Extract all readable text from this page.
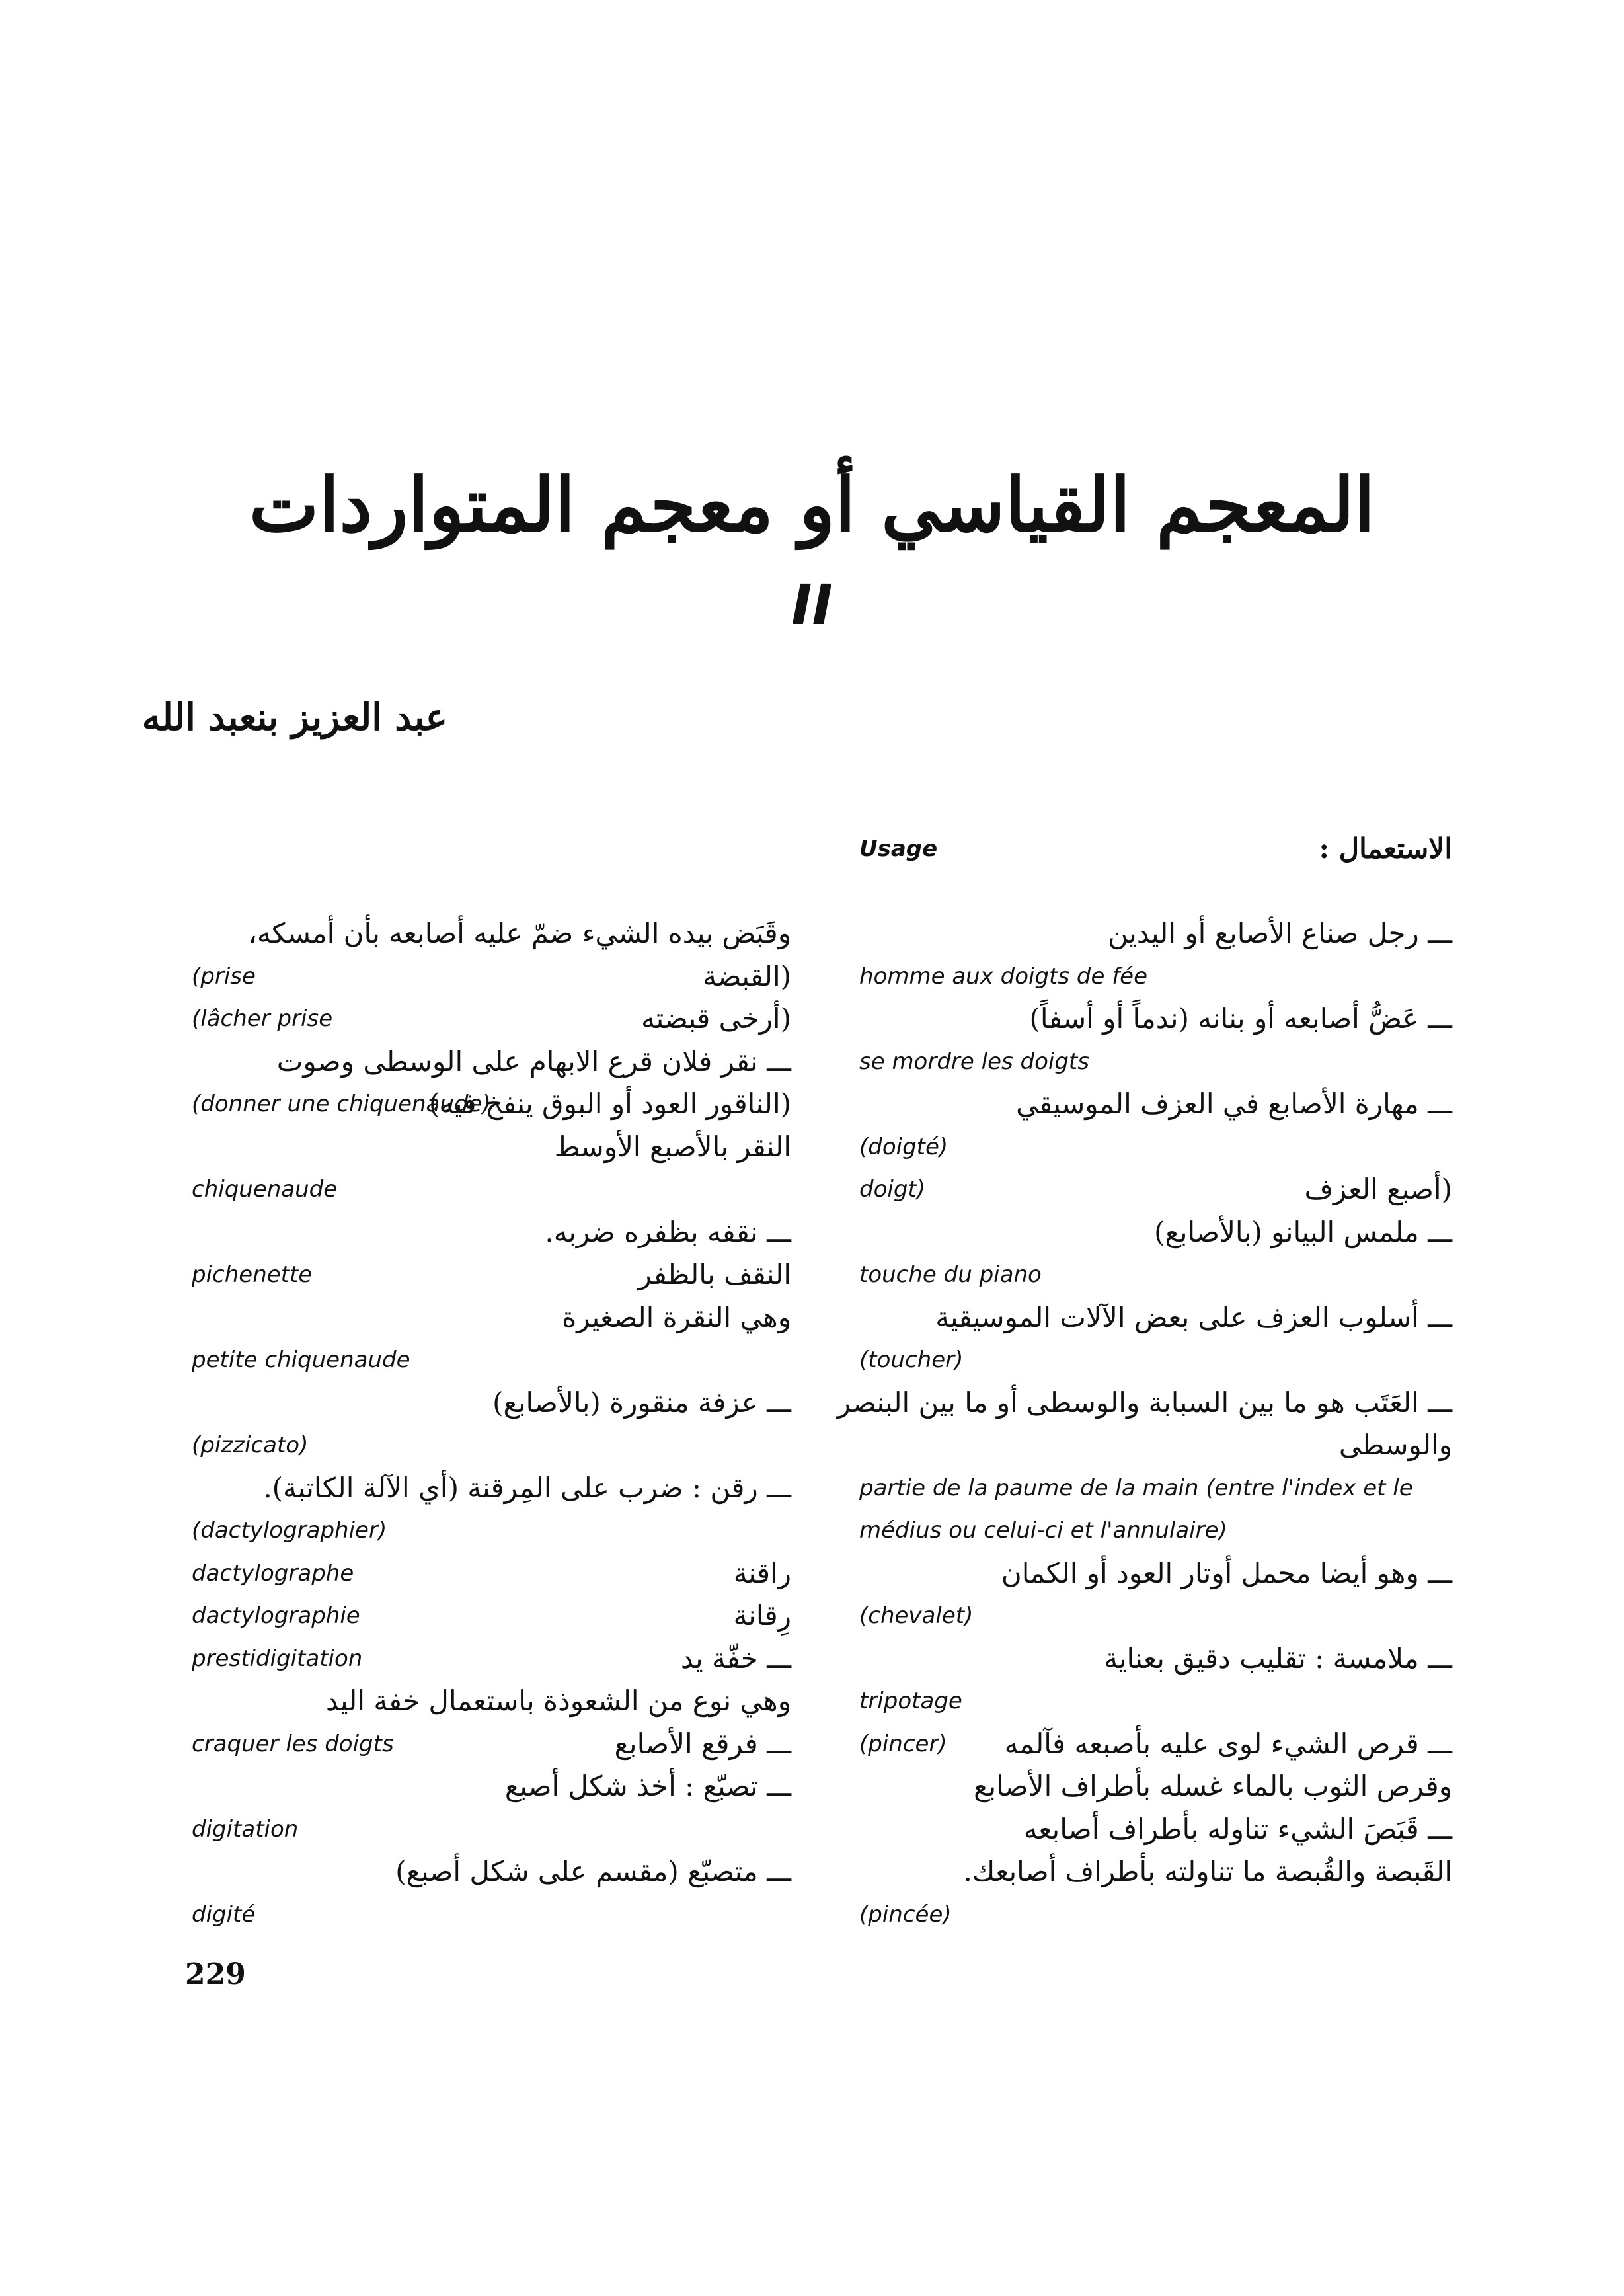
المعجم القياسي أو معجم المتواردات
II
عبد العزيز بنعبد الله
الاستعمال :
Usage
ـــ رجل صناع الأصابع أو اليدين
homme aux doigts de fée
ـــ عَضُّ أصابعه أو بنانه (ندماً أو أسفاً)
se mordre les doigts
ـــ مهارة الأصابع في العزف الموسيقي
(doigté)
(أصبع العزف
doigt)
ـــ ملمس البيانو (بالأصابع)
touche du piano
ـــ أسلوب العزف على بعض الآلات الموسيقية
(toucher)
ـــ العَتَب هو ما بين السبابة والوسطى أو ما بين البنصر
والوسطى
partie de la paume de la main (entre l'index et le
médius ou celui-ci et l'annulaire)
ـــ وهو أيضا محمل أوتار العود أو الكمان
(chevalet)
ـــ ملامسة : تقليب دقيق بعناية
tripotage
ـــ قرص الشيء لوى عليه بأصبعه فآلمه
(pincer)
وقرص الثوب بالماء غسله بأطراف الأصابع
ـــ قَبَصَ الشيء تناوله بأطراف أصابعه
القَبصة والقُبصة ما تناولته بأطراف أصابعك.
(pincée)
وقَبَض بيده الشيء ضمّ عليه أصابعه بأن أمسكه،
(القبضة
(prise
(أرخى قبضته
(lâcher prise
ـــ نقر فلان قرع الابهام على الوسطى وصوت
(الناقور العود أو البوق ينفخ فيه)
(donner une chiquenaude)
النقر بالأصبع الأوسط
chiquenaude
ـــ نقفه بظفره ضربه.
النقف بالظفر
pichenette
وهي النقرة الصغيرة
petite chiquenaude
ـــ عزفة منقورة (بالأصابع)
(pizzicato)
ـــ رقن : ضرب على المِرقنة (أي الآلة الكاتبة).
(dactylographier)
راقنة
dactylographe
رِقانة
dactylographie
ـــ خفّة يد
prestidigitation
وهي نوع من الشعوذة باستعمال خفة اليد
ـــ فرقع الأصابع
craquer les doigts
ـــ تصبّع : أخذ شكل أصبع
digitation
ـــ متصبّع (مقسم على شكل أصبع)
digité
229
